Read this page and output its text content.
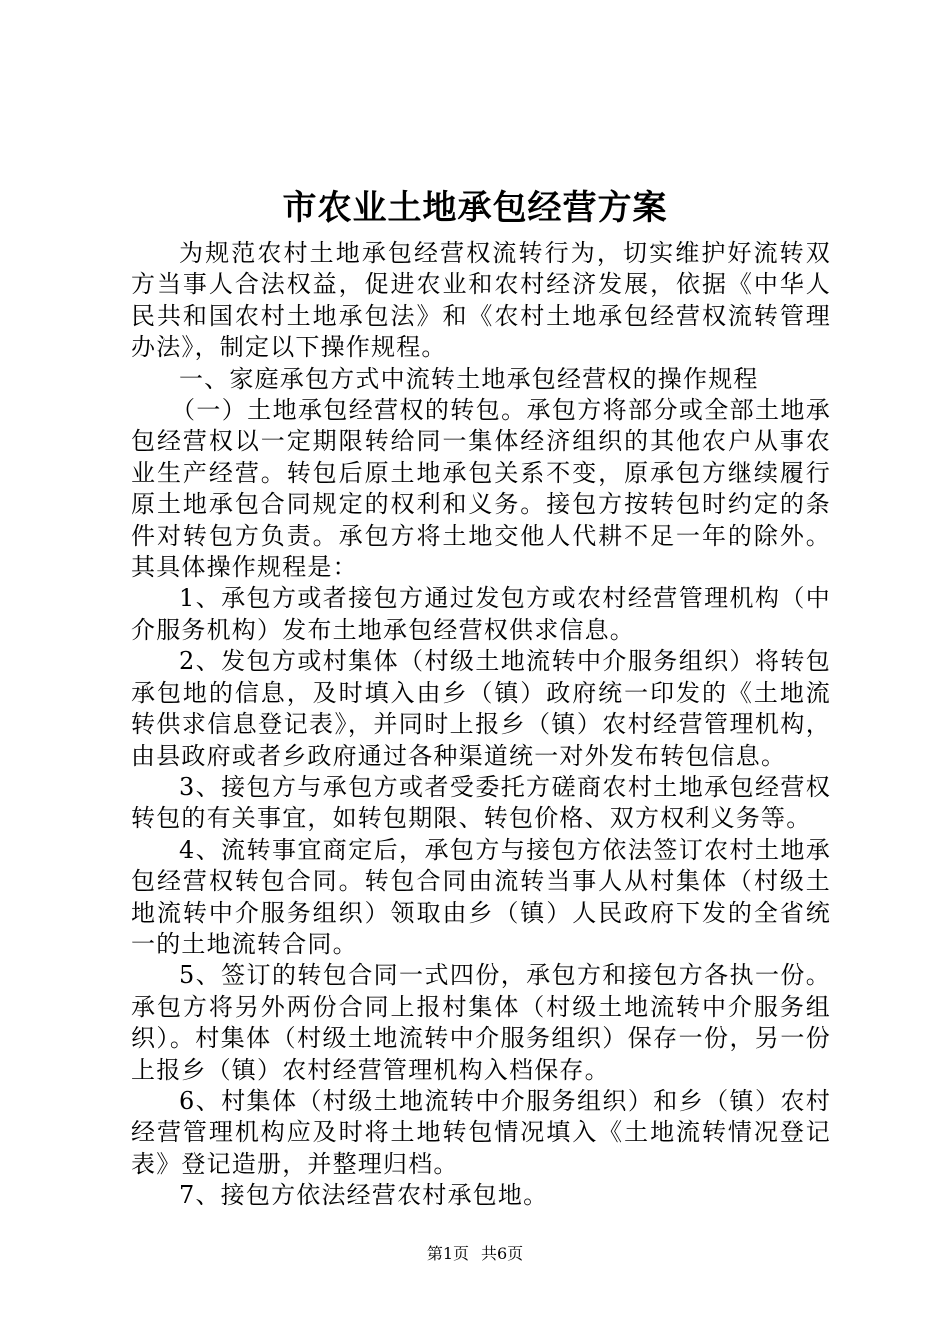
市农业土地承包经营方案

为规范农村土地承包经营权流转行为，切实维护好流转双方当事人合法权益，促进农业和农村经济发展，依据《中华人民共和国农村土地承包法》和《农村土地承包经营权流转管理办法》，制定以下操作规程。

一、家庭承包方式中流转土地承包经营权的操作规程

（一）土地承包经营权的转包。承包方将部分或全部土地承包经营权以一定期限转给同一集体经济组织的其他农户从事农业生产经营。转包后原土地承包关系不变，原承包方继续履行原土地承包合同规定的权利和义务。接包方按转包时约定的条件对转包方负责。承包方将土地交他人代耕不足一年的除外。其具体操作规程是：

1、承包方或者接包方通过发包方或农村经营管理机构（中介服务机构）发布土地承包经营权供求信息。

2、发包方或村集体（村级土地流转中介服务组织）将转包承包地的信息，及时填入由乡（镇）政府统一印发的《土地流转供求信息登记表》，并同时上报乡（镇）农村经营管理机构，由县政府或者乡政府通过各种渠道统一对外发布转包信息。

3、接包方与承包方或者受委托方磋商农村土地承包经营权转包的有关事宜，如转包期限、转包价格、双方权利义务等。

4、流转事宜商定后，承包方与接包方依法签订农村土地承包经营权转包合同。转包合同由流转当事人从村集体（村级土地流转中介服务组织）领取由乡（镇）人民政府下发的全省统一的土地流转合同。

5、签订的转包合同一式四份，承包方和接包方各执一份。承包方将另外两份合同上报村集体（村级土地流转中介服务组织）。村集体（村级土地流转中介服务组织）保存一份，另一份上报乡（镇）农村经营管理机构入档保存。

6、村集体（村级土地流转中介服务组织）和乡（镇）农村经营管理机构应及时将土地转包情况填入《土地流转情况登记表》登记造册，并整理归档。

7、接包方依法经营农村承包地。

第1页 共6页
